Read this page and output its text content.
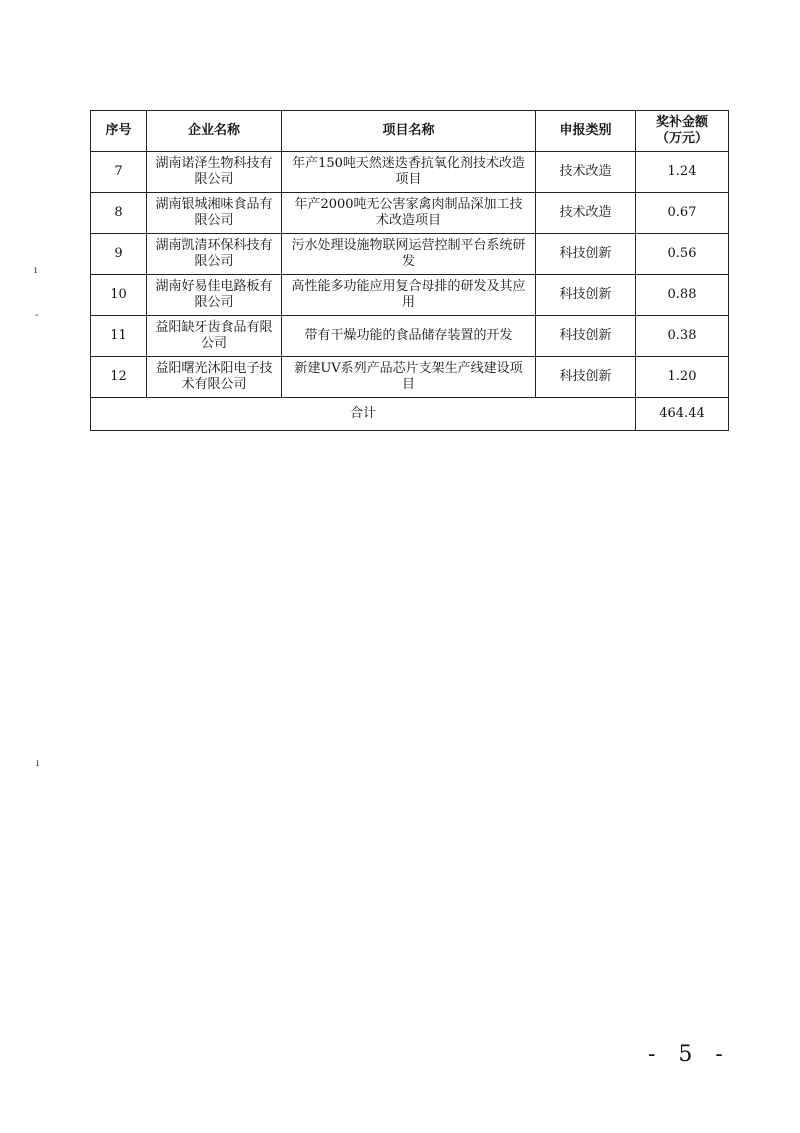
序号	企业名称	项目名称	申报类别	奖补金额
（万元）
7	湖南诺泽生物科技有限公司	年产150吨天然迷迭香抗氧化剂技术改造项目	技术改造	1.24
8	湖南银城湘味食品有限公司	年产2000吨无公害家禽肉制品深加工技术改造项目	技术改造	0.67
9	湖南凯清环保科技有限公司	污水处理设施物联网运营控制平台系统研发	科技创新	0.56
10	湖南好易佳电路板有限公司	高性能多功能应用复合母排的研发及其应用	科技创新	0.88
11	益阳缺牙齿食品有限公司	带有干燥功能的食品储存装置的开发	科技创新	0.38
12	益阳曙光沐阳电子技术有限公司	新建UV系列产品芯片支架生产线建设项目	科技创新	1.20
合计				464.44
ı
-
ı
- 5 -
